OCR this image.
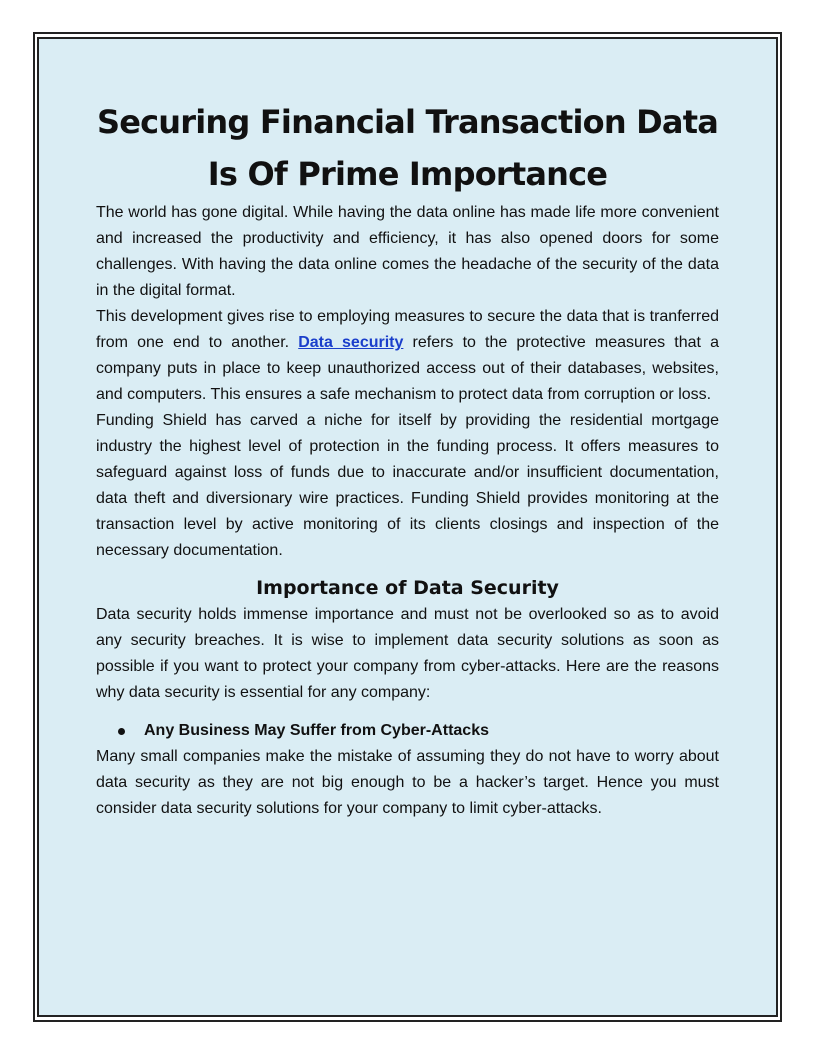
Securing Financial Transaction Data Is Of Prime Importance

The world has gone digital. While having the data online has made life more convenient and increased the productivity and efficiency, it has also opened doors for some challenges. With having the data online comes the headache of the security of the data in the digital format.

This development gives rise to employing measures to secure the data that is tranferred from one end to another. Data security refers to the protective measures that a company puts in place to keep unauthorized access out of their databases, websites, and computers. This ensures a safe mechanism to protect data from corruption or loss.

Funding Shield has carved a niche for itself by providing the residential mortgage industry the highest level of protection in the funding process. It offers measures to safeguard against loss of funds due to inaccurate and/or insufficient documentation, data theft and diversionary wire practices. Funding Shield provides monitoring at the transaction level by active monitoring of its clients closings and inspection of the necessary documentation.

Importance of Data Security

Data security holds immense importance and must not be overlooked so as to avoid any security breaches. It is wise to implement data security solutions as soon as possible if you want to protect your company from cyber-attacks. Here are the reasons why data security is essential for any company:

Any Business May Suffer from Cyber-Attacks

Many small companies make the mistake of assuming they do not have to worry about data security as they are not big enough to be a hacker’s target. Hence you must consider data security solutions for your company to limit cyber-attacks.
